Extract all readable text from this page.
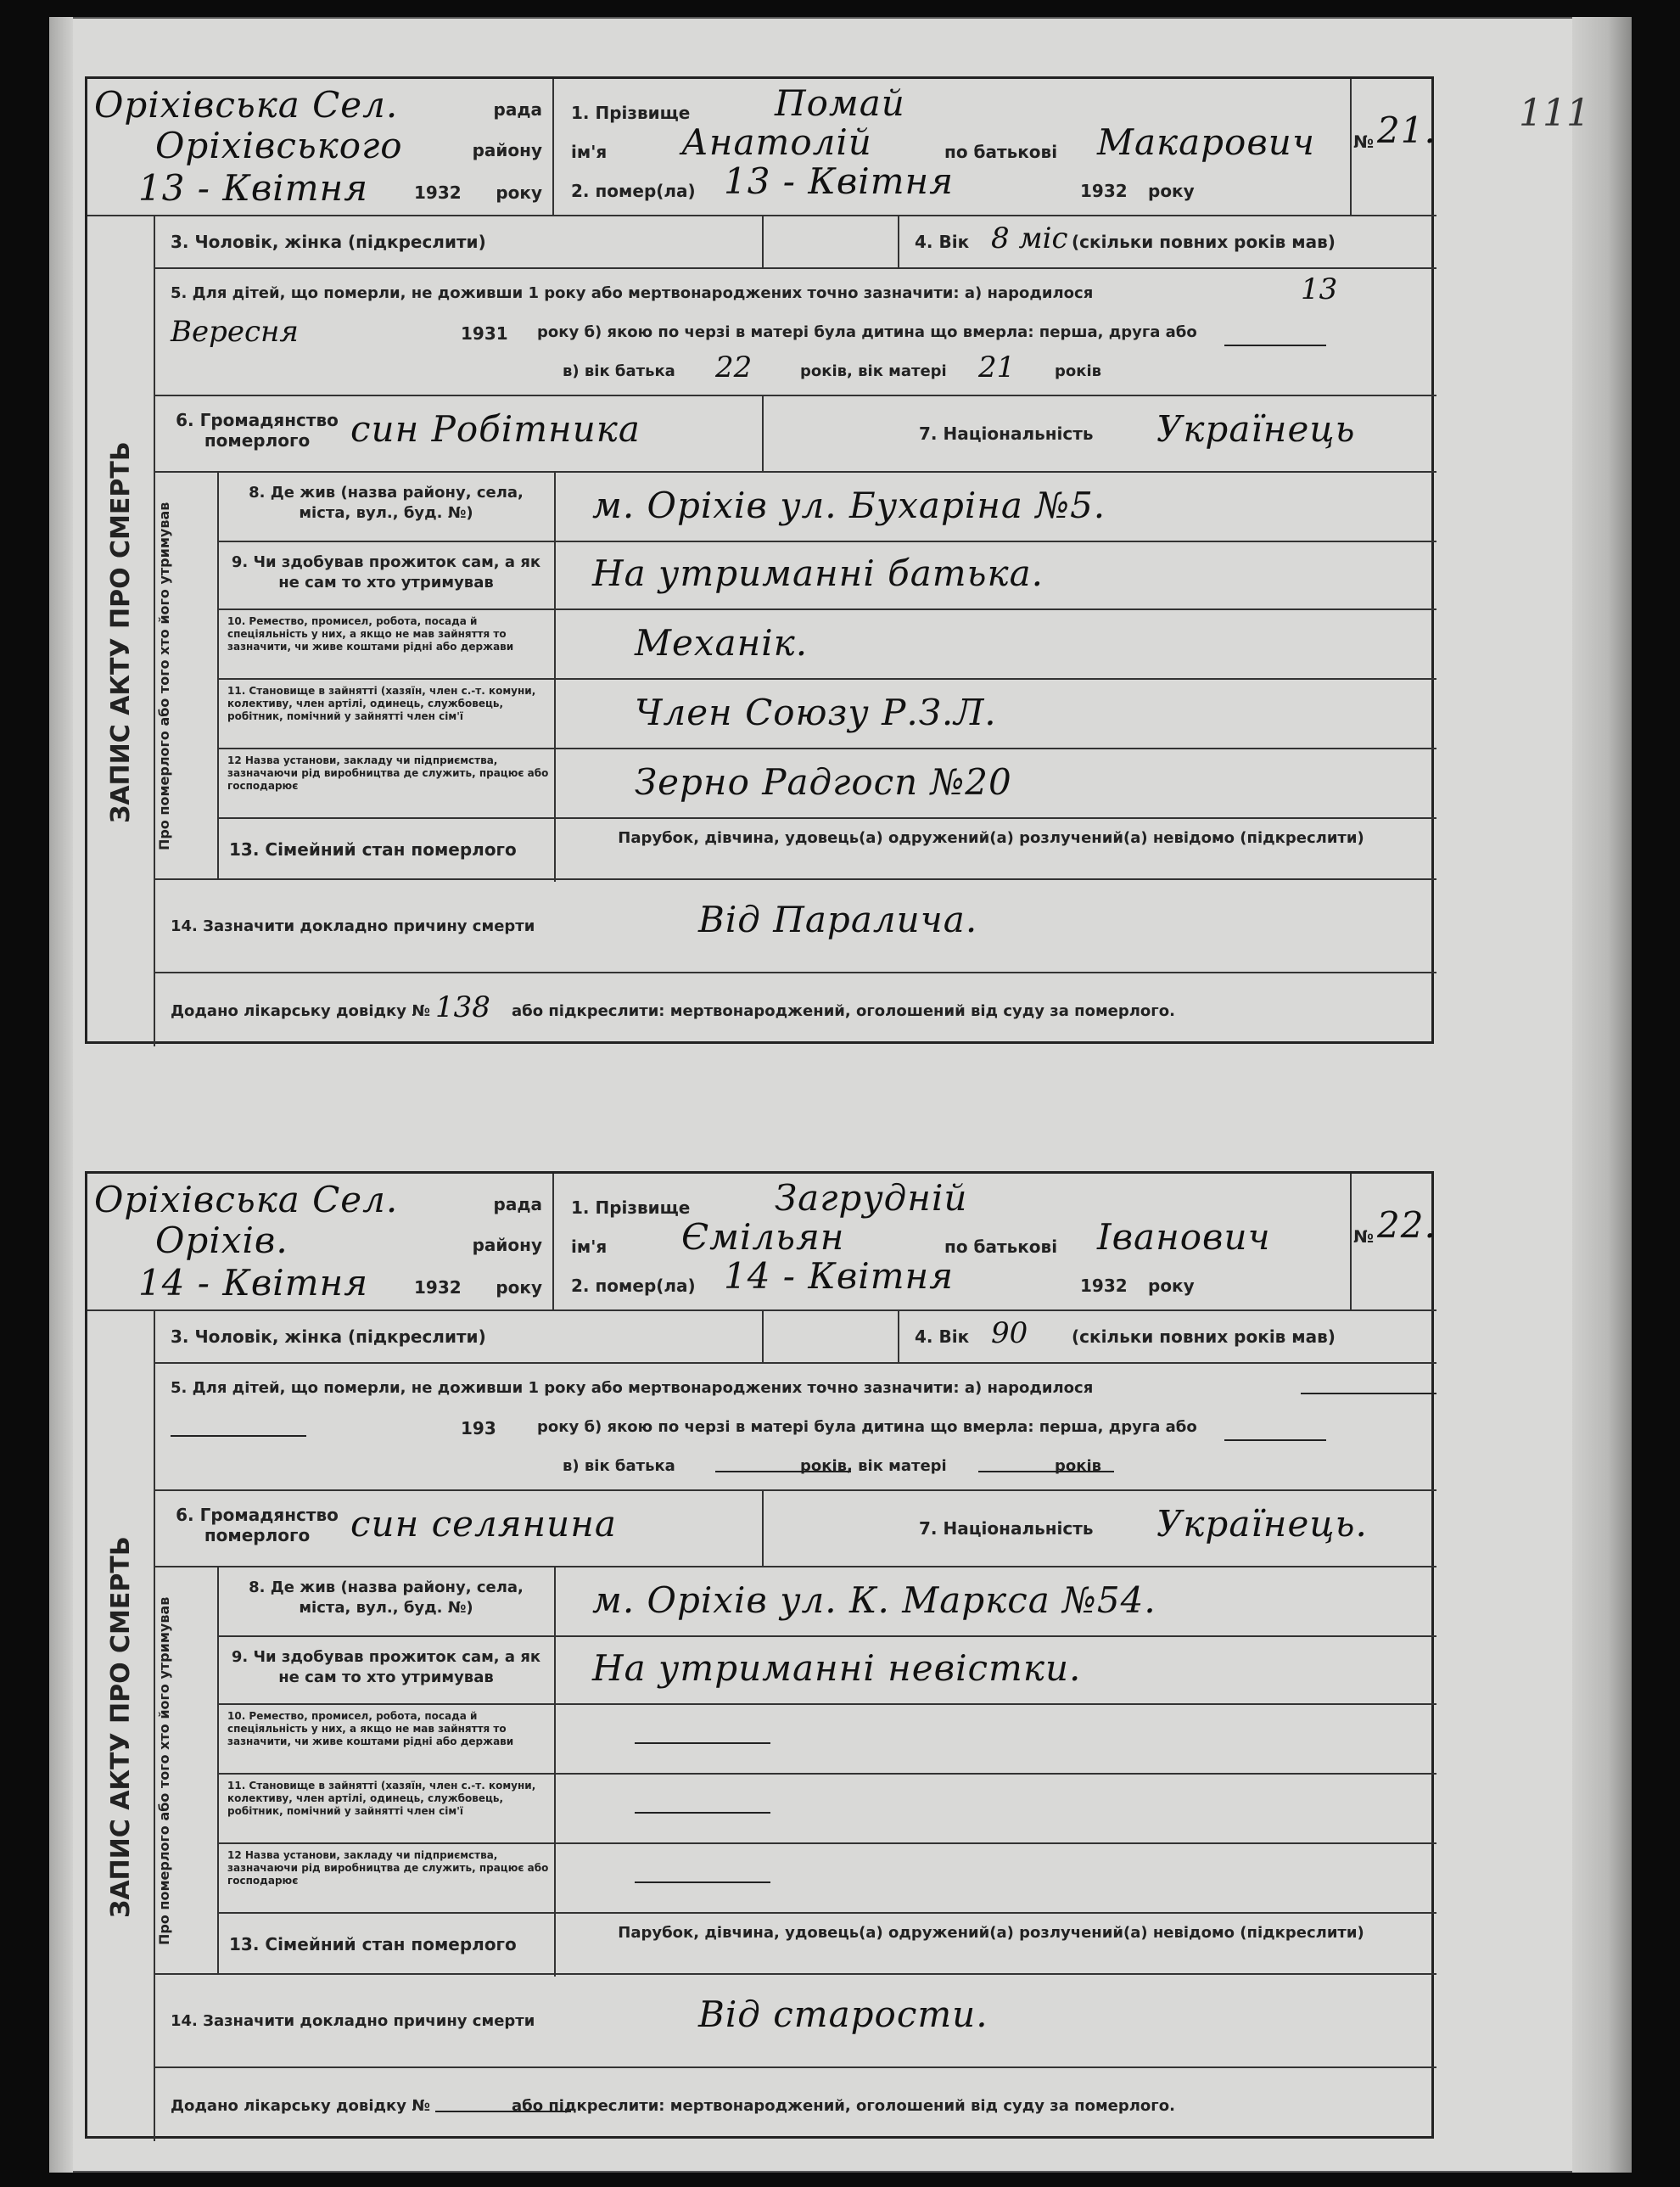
111
Оріхівська Сел.	рада
Оріхівського	району
13 - Квітня	1932 року
1. Прізвище Помай
ім'я Анатолій	по батькові Макарович
2. помер(ла) 13 - Квітня	1932 року
№ 21.
ЗАПИС АКТУ ПРО СМЕРТЬ
3. Чоловік, жінка (підкреслити)	4. Вік 8 міс (скільки повних років мав)
5. Для дітей, що померли, не доживши 1 року або мертвонароджених точно зазначити: а) народилося	13
Вересня	1931 року б) якою по черзі в матері була дитина що вмерла: перша, друга або
в) вік батька 22	років, вік матері 21	років
6. Громадянство померлого	син Робітника	7. Національність Українець
Про померлого або того хто його утримував
8. Де жив (назва району, села, міста, вул., буд. №)	м. Оріхів ул. Бухаріна №5.
9. Чи здобував прожиток сам, а як не сам то хто утримував	На утриманні батька.
10. Ремество, промисел, робота, посада й спеціяльність у них, а якщо не мав зайняття то зазначити, чи живе коштами рідні або держави	Механік.
11. Становище в зайнятті (хазяїн, член с.-т. комуни, колективу, член артілі, одинець, службовець, робітник, помічний у зайнятті член сім'ї	Член Союзу Р.З.Л.
12 Назва установи, закладу чи підприємства, зазначаючи рід виробництва де служить, працює або господарює	Зерно Радгосп №20
13. Сімейний стан померлого
Парубок, дівчина, удовець(а) одружений(а) розлучений(а) невідомо (підкреслити)
14. Зазначити докладно причину смерти	Від Паралича.
Додано лікарську довідку № 138 або підкреслити: мертвонароджений, оголошений від суду за померлого.
Оріхівська Сел.	рада
Оріхів.	району
14 - Квітня	1932 року
1. Прізвище Загрудній
ім'я Ємільян	по батькові Іванович
2. помер(ла) 14 - Квітня	1932 року
№ 22.
ЗАПИС АКТУ ПРО СМЕРТЬ
3. Чоловік, жінка (підкреслити)	4. Вік 90	(скільки повних років мав)
5. Для дітей, що померли, не доживши 1 року або мертвонароджених точно зазначити: а) народилося
193	року б) якою по черзі в матері була дитина що вмерла: перша, друга або
в) вік батька	років, вік матері	років
6. Громадянство померлого	син селянина	7. Національність Українець.
Про померлого або того хто його утримував
8. Де жив (назва району, села, міста, вул., буд. №)	м. Оріхів ул. К. Маркса №54.
9. Чи здобував прожиток сам, а як не сам то хто утримував	На утриманні невістки.
10. Ремество, промисел, робота, посада й спеціяльність у них, а якщо не мав зайняття то зазначити, чи живе коштами рідні або держави
11. Становище в зайнятті (хазяїн, член с.-т. комуни, колективу, член артілі, одинець, службовець, робітник, помічний у зайнятті член сім'ї
12 Назва установи, закладу чи підприємства, зазначаючи рід виробництва де служить, працює або господарює
13. Сімейний стан померлого
Парубок, дівчина, удовець(а) одружений(а) розлучений(а) невідомо (підкреслити)
14. Зазначити докладно причину смерти	Від старости.
Додано лікарську довідку №	або підкреслити: мертвонароджений, оголошений від суду за померлого.
